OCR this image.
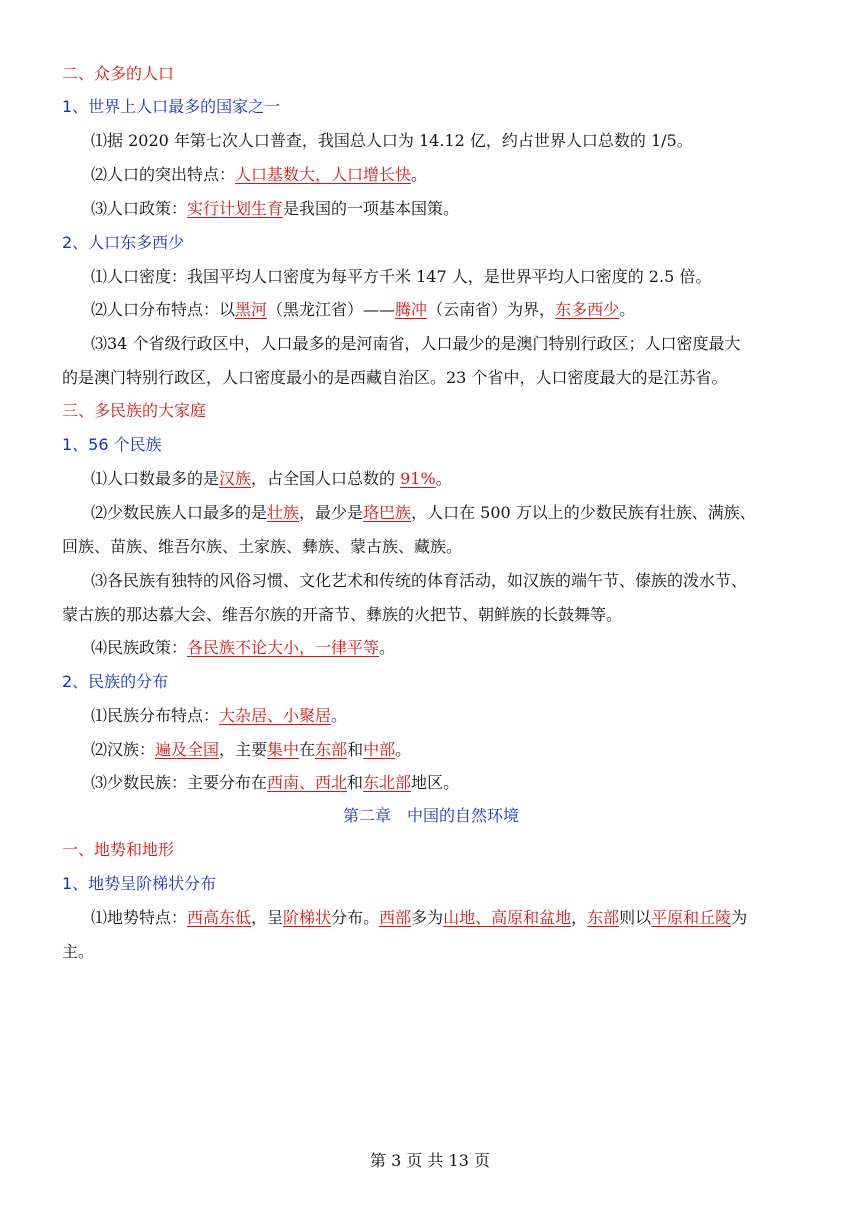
二、众多的人口
1、世界上人口最多的国家之一
⑴据 2020 年第七次人口普查，我国总人口为 14.12 亿，约占世界人口总数的 1/5。
⑵人口的突出特点：人口基数大，人口增长快。
⑶人口政策：实行计划生育是我国的一项基本国策。
2、人口东多西少
⑴人口密度：我国平均人口密度为每平方千米 147 人，是世界平均人口密度的 2.5 倍。
⑵人口分布特点：以黑河（黑龙江省）——腾冲（云南省）为界，东多西少。
⑶34 个省级行政区中，人口最多的是河南省，人口最少的是澳门特别行政区；人口密度最大
的是澳门特别行政区，人口密度最小的是西藏自治区。23 个省中，人口密度最大的是江苏省。
三、多民族的大家庭
1、56 个民族
⑴人口数最多的是汉族，占全国人口总数的 91%。
⑵少数民族人口最多的是壮族，最少是珞巴族，人口在 500 万以上的少数民族有壮族、满族、
回族、苗族、维吾尔族、土家族、彝族、蒙古族、藏族。
⑶各民族有独特的风俗习惯、文化艺术和传统的体育活动，如汉族的端午节、傣族的泼水节、
蒙古族的那达慕大会、维吾尔族的开斋节、彝族的火把节、朝鲜族的长鼓舞等。
⑷民族政策：各民族不论大小，一律平等。
2、民族的分布
⑴民族分布特点：大杂居、小聚居。
⑵汉族：遍及全国，主要集中在东部和中部。
⑶少数民族：主要分布在西南、西北和东北部地区。
第二章　中国的自然环境
一、地势和地形
1、地势呈阶梯状分布
⑴地势特点：西高东低，呈阶梯状分布。西部多为山地、高原和盆地，东部则以平原和丘陵为
主。
第 3 页 共 13 页
